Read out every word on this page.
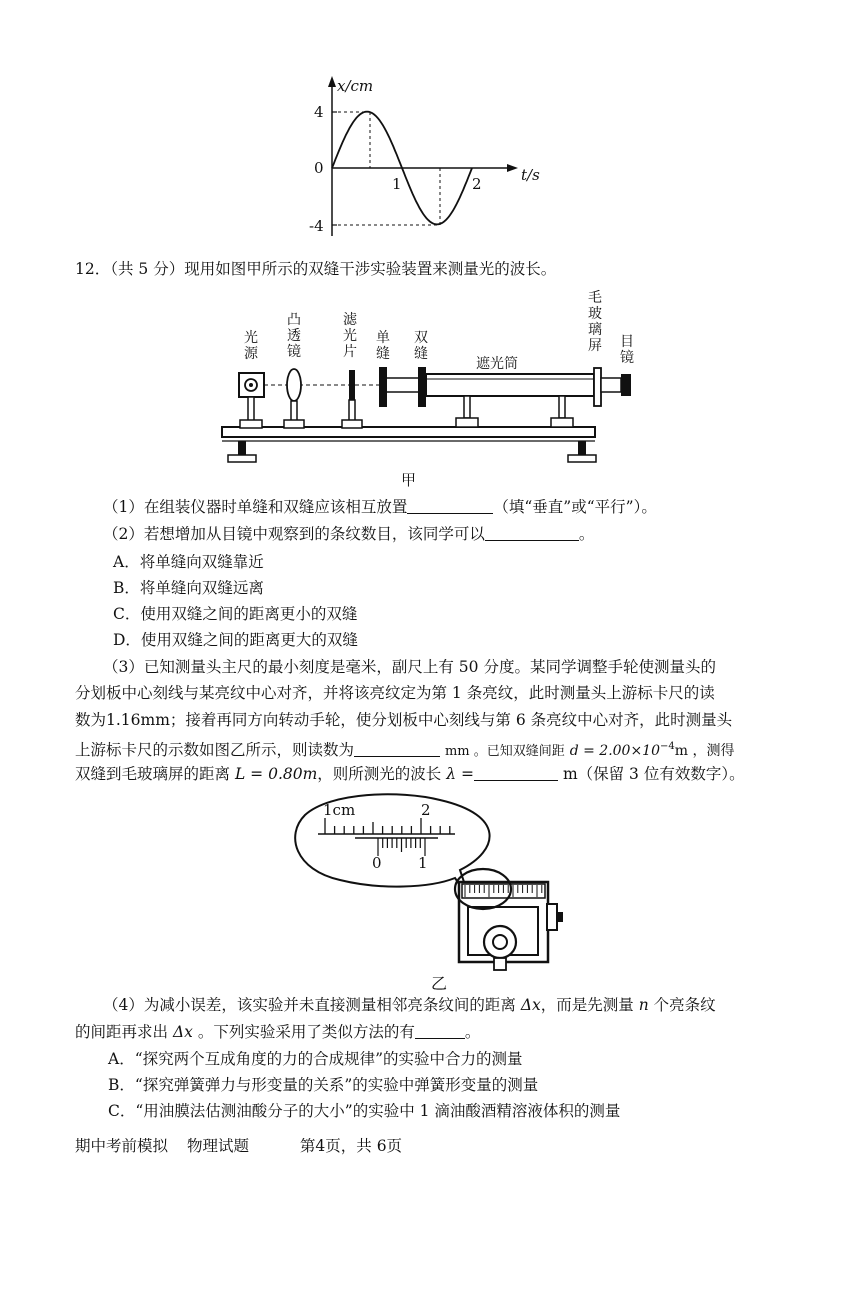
x/cm
t/s
4
0
-4
1	2
12．（共 5 分）现用如图甲所示的双缝干涉实验装置来测量光的波长。
光源
凸透镜
滤光片
单缝
双缝
遮光筒
毛玻璃屏 目镜
甲
（1）在组装仪器时单缝和双缝应该相互放置	（填“垂直”或“平行”）。
（2）若想增加从目镜中观察到的条纹数目，该同学可以	。
A．将单缝向双缝靠近
B．将单缝向双缝远离
C．使用双缝之间的距离更小的双缝
D．使用双缝之间的距离更大的双缝
（3）已知测量头主尺的最小刻度是毫米，副尺上有 50 分度。某同学调整手轮使测量头的
分划板中心刻线与某亮纹中心对齐，并将该亮纹定为第 1 条亮纹，此时测量头上游标卡尺的读
数为1.16mm；接着再同方向转动手轮，使分划板中心刻线与第 6 条亮纹中心对齐，此时测量头
上游标卡尺的示数如图乙所示，则读数为	mm 。已知双缝间距 $d = 2.00\times 10^{-4}m$ ，测得
双缝到毛玻璃屏的距离 L = 0.80m，则所测光的波长 λ =	m（保留 3 位有效数字）。
1cm	2
0 1
乙
（4）为减小误差，该实验并未直接测量相邻亮条纹间的距离 Δx，而是先测量 n 个亮条纹
的间距再求出 Δx 。下列实验采用了类似方法的有	。
A．“探究两个互成角度的力的合成规律”的实验中合力的测量
B．“探究弹簧弹力与形变量的关系”的实验中弹簧形变量的测量
C．“用油膜法估测油酸分子的大小”的实验中 1 滴油酸酒精溶液体积的测量
期中考前模拟 物理试题	第4页，共 6页
